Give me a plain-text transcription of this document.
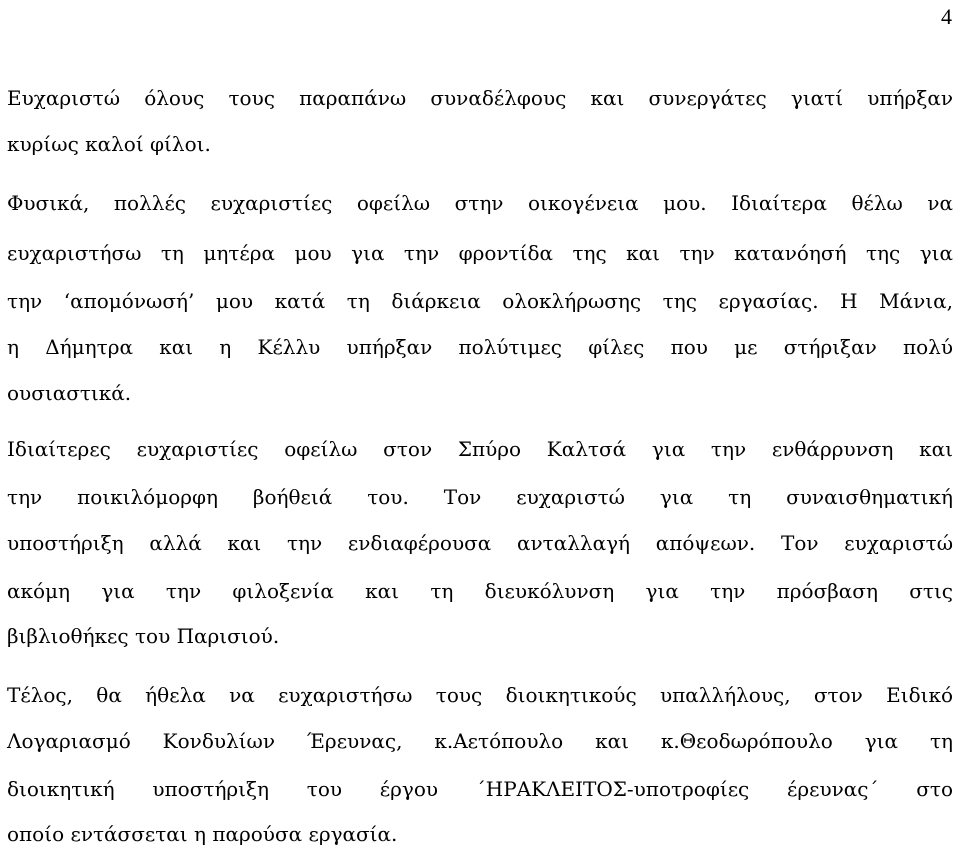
4
Ευχαριστώ όλους τους παραπάνω συναδέλφους και συνεργάτες γιατί υπήρξαν
κυρίως καλοί φίλοι.
Φυσικά, πολλές ευχαριστίες οφείλω στην οικογένεια μου. Ιδιαίτερα θέλω να
ευχαριστήσω τη μητέρα μου για την φροντίδα της και την κατανόησή της για
την ‘απομόνωσή’ μου κατά τη διάρκεια ολοκλήρωσης της εργασίας. Η Μάνια,
η Δήμητρα και η Κέλλυ υπήρξαν πολύτιμες φίλες που με στήριξαν πολύ
ουσιαστικά.
Ιδιαίτερες ευχαριστίες οφείλω στον Σπύρο Καλτσά για την ενθάρρυνση και
την ποικιλόμορφη βοήθειά του. Τον ευχαριστώ για τη συναισθηματική
υποστήριξη αλλά και την ενδιαφέρουσα ανταλλαγή απόψεων. Τον ευχαριστώ
ακόμη για την φιλοξενία και τη διευκόλυνση για την πρόσβαση στις
βιβλιοθήκες του Παρισιού.
Τέλος, θα ήθελα να ευχαριστήσω τους διοικητικούς υπαλλήλους, στον Ειδικό
Λογαριασμό Κονδυλίων Έρευνας, κ.Αετόπουλο και κ.Θεοδωρόπουλο για τη
διοικητική υποστήριξη του έργου ΄ΗΡΑΚΛΕΙΤΟΣ-υποτροφίες έρευνας΄ στο
οποίο εντάσσεται η παρούσα εργασία.
